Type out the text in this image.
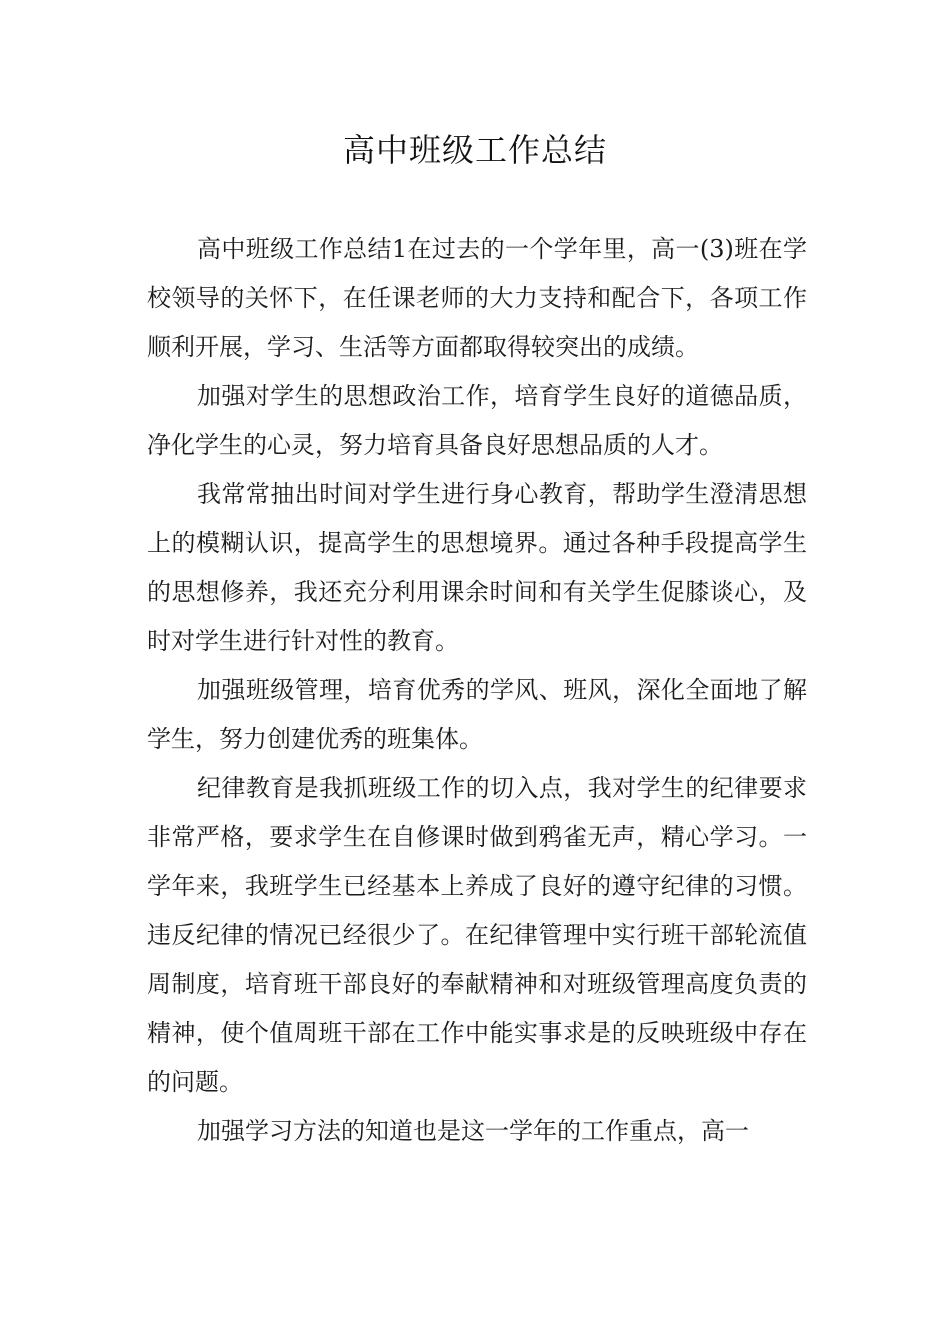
高中班级工作总结

高中班级工作总结1在过去的一个学年里，高一(3)班在学校领导的关怀下，在任课老师的大力支持和配合下，各项工作顺利开展，学习、生活等方面都取得较突出的成绩。

加强对学生的思想政治工作，培育学生良好的道德品质，净化学生的心灵，努力培育具备良好思想品质的人才。

我常常抽出时间对学生进行身心教育，帮助学生澄清思想上的模糊认识，提高学生的思想境界。通过各种手段提高学生的思想修养，我还充分利用课余时间和有关学生促膝谈心，及时对学生进行针对性的教育。

加强班级管理，培育优秀的学风、班风，深化全面地了解学生，努力创建优秀的班集体。

纪律教育是我抓班级工作的切入点，我对学生的纪律要求非常严格，要求学生在自修课时做到鸦雀无声，精心学习。一学年来，我班学生已经基本上养成了良好的遵守纪律的习惯。违反纪律的情况已经很少了。在纪律管理中实行班干部轮流值周制度，培育班干部良好的奉献精神和对班级管理高度负责的精神，使个值周班干部在工作中能实事求是的反映班级中存在的问题。

加强学习方法的知道也是这一学年的工作重点，高一
